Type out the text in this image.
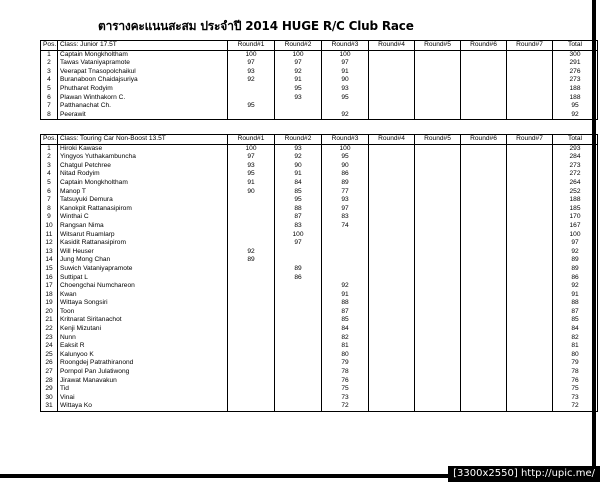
ตารางคะแนนสะสม ประจำปี 2014 HUGE R/C Club Race
Pos.	Class: Junior 17.5T	Round#1	Round#2	Round#3	Round#4	Round#5	Round#6	Round#7	Total
1	Captain Mongkholtham	100	100	100					300
2	Tawas Vataniyapramote	97	97	97					291
3	Veerapat Tnasopolchaikul	93	92	91					276
4	Buranaboon Chaidajsuriya	92	91	90					273
5	Phutharet Rodyim		95	93					188
6	Plawan Winthakorn C.		93	95					188
7	Patthanachat Ch.	95							95
8	Peerawit			92					92
Pos.	Class: Touring Car Non-Boost 13.5T	Round#1	Round#2	Round#3	Round#4	Round#5	Round#6	Round#7	Total
1	Hiroki Kawase	100	93	100					293
2	Yingyos Yuthakambuncha	97	92	95					284
3	Chatgul Petchree	93	90	90					273
4	Nitad Rodyim	95	91	86					272
5	Captain Mongkholtham	91	84	89					264
6	Manop T	90	85	77					252
7	Tatsuyuki Demura		95	93					188
8	Kanokpit Rattanasipirom		88	97					185
9	Winthai C		87	83					170
10	Rangsan Nima		83	74					167
11	Witsarut Ruamlarp		100						100
12	Kasidit Rattanasipirom		97						97
13	Will Heuser	92							92
14	Jung Mong Chan	89							89
15	Suwich Vataniyapramote		89						89
16	Suttipat L		86						86
17	Choengchai Numchareon			92					92
18	Kwan			91					91
19	Wittaya Songsiri			88					88
20	Toon			87					87
21	Kritnarat Siritanachot			85					85
22	Kenji Mizutani			84					84
23	Nunn			82					82
24	Eaksit R			81					81
25	Kalunyoo K			80					80
26	Roongdej Patrathiranond			79					79
27	Pornpol Pan Julatiwong			78					78
28	Jirawat Manavakun			76					76
29	Tid			75					75
30	Vinai			73					73
31	Wittaya Ko			72					72
[3300x2550] http://upic.me/
